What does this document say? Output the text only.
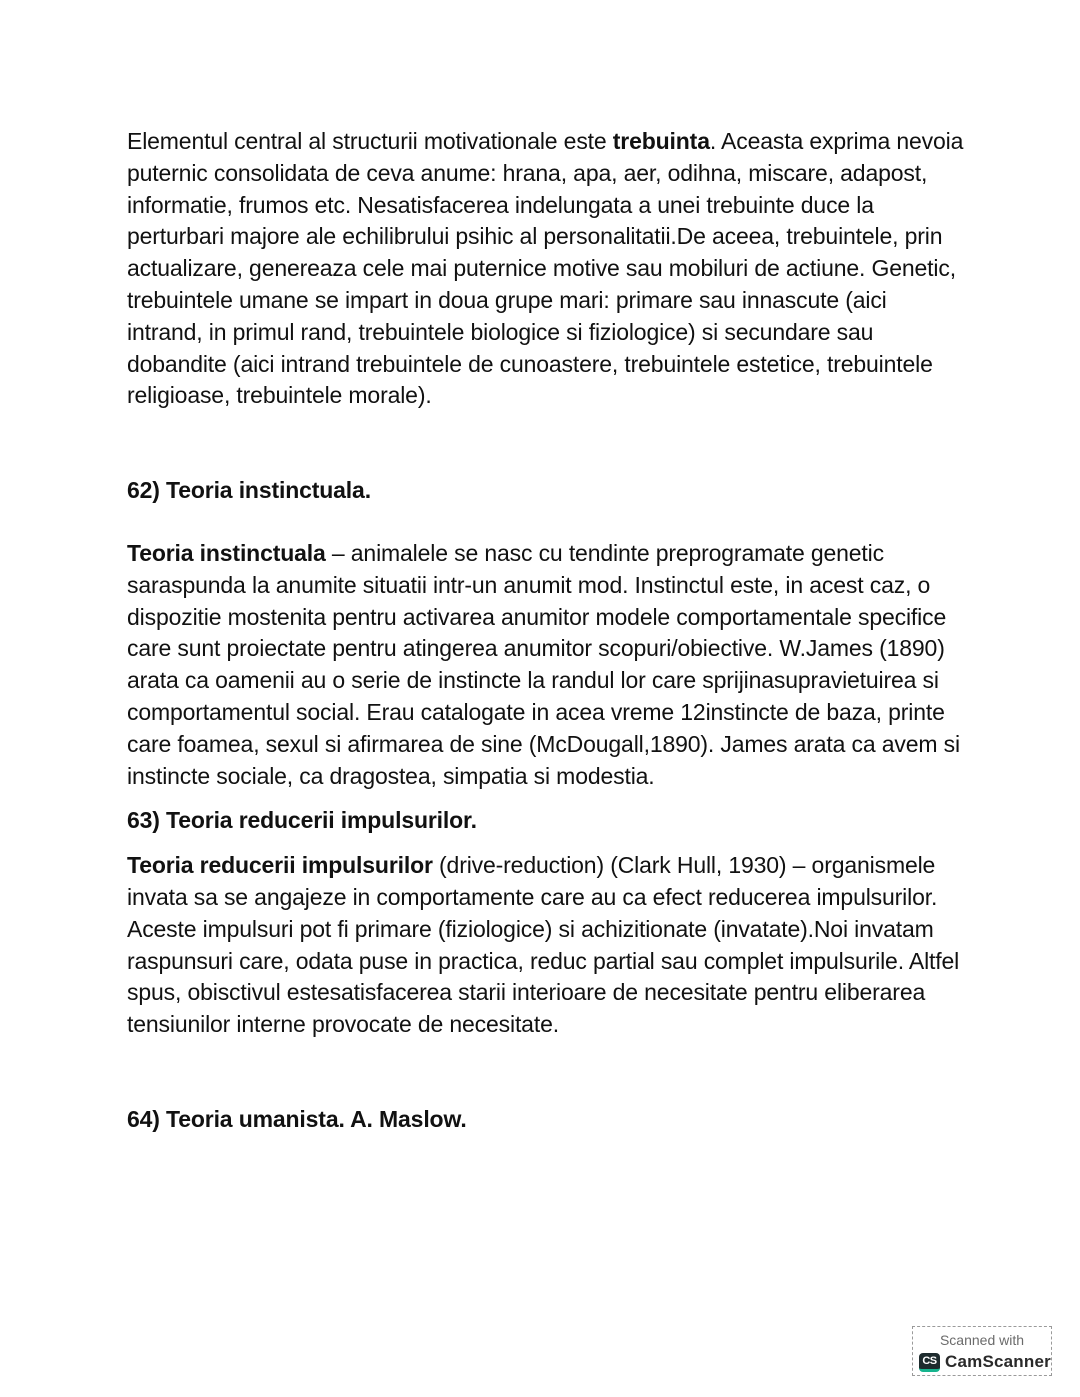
Elementul central al structurii motivationale este trebuinta. Aceasta exprima nevoia puternic consolidata de ceva anume: hrana, apa, aer, odihna, miscare, adapost, informatie, frumos etc. Nesatisfacerea indelungata a unei trebuinte duce la perturbari majore ale echilibrului psihic al personalitatii.De aceea, trebuintele, prin actualizare, genereaza cele mai puternice motive sau mobiluri de actiune. Genetic, trebuintele umane se impart in doua grupe mari: primare sau innascute (aici intrand, in primul rand, trebuintele biologice si fiziologice) si secundare sau dobandite (aici intrand trebuintele de cunoastere, trebuintele estetice, trebuintele religioase, trebuintele morale).

62) Teoria instinctuala.

Teoria instinctuala – animalele se nasc cu tendinte preprogramate genetic saraspunda la anumite situatii intr-un anumit mod. Instinctul este, in acest caz, o dispozitie mostenita pentru activarea anumitor modele comportamentale specifice care sunt proiectate pentru atingerea anumitor scopuri/obiective. W.James (1890) arata ca oamenii au o serie de instincte la randul lor care sprijinasupravietuirea si comportamentul social. Erau catalogate in acea vreme 12instincte de baza, printe care foamea, sexul si afirmarea de sine (McDougall,1890). James arata ca avem si instincte sociale, ca dragostea, simpatia si modestia.

63) Teoria reducerii impulsurilor.

Teoria reducerii impulsurilor (drive-reduction) (Clark Hull, 1930) – organismele invata sa se angajeze in comportamente care au ca efect reducerea impulsurilor. Aceste impulsuri pot fi primare (fiziologice) si achizitionate (invatate).Noi invatam raspunsuri care, odata puse in practica, reduc partial sau complet impulsurile. Altfel spus, obisctivul estesatisfacerea starii interioare de necesitate pentru eliberarea tensiunilor interne provocate de necesitate.

64) Teoria umanista. A. Maslow.

Scanned with
CS CamScanner
